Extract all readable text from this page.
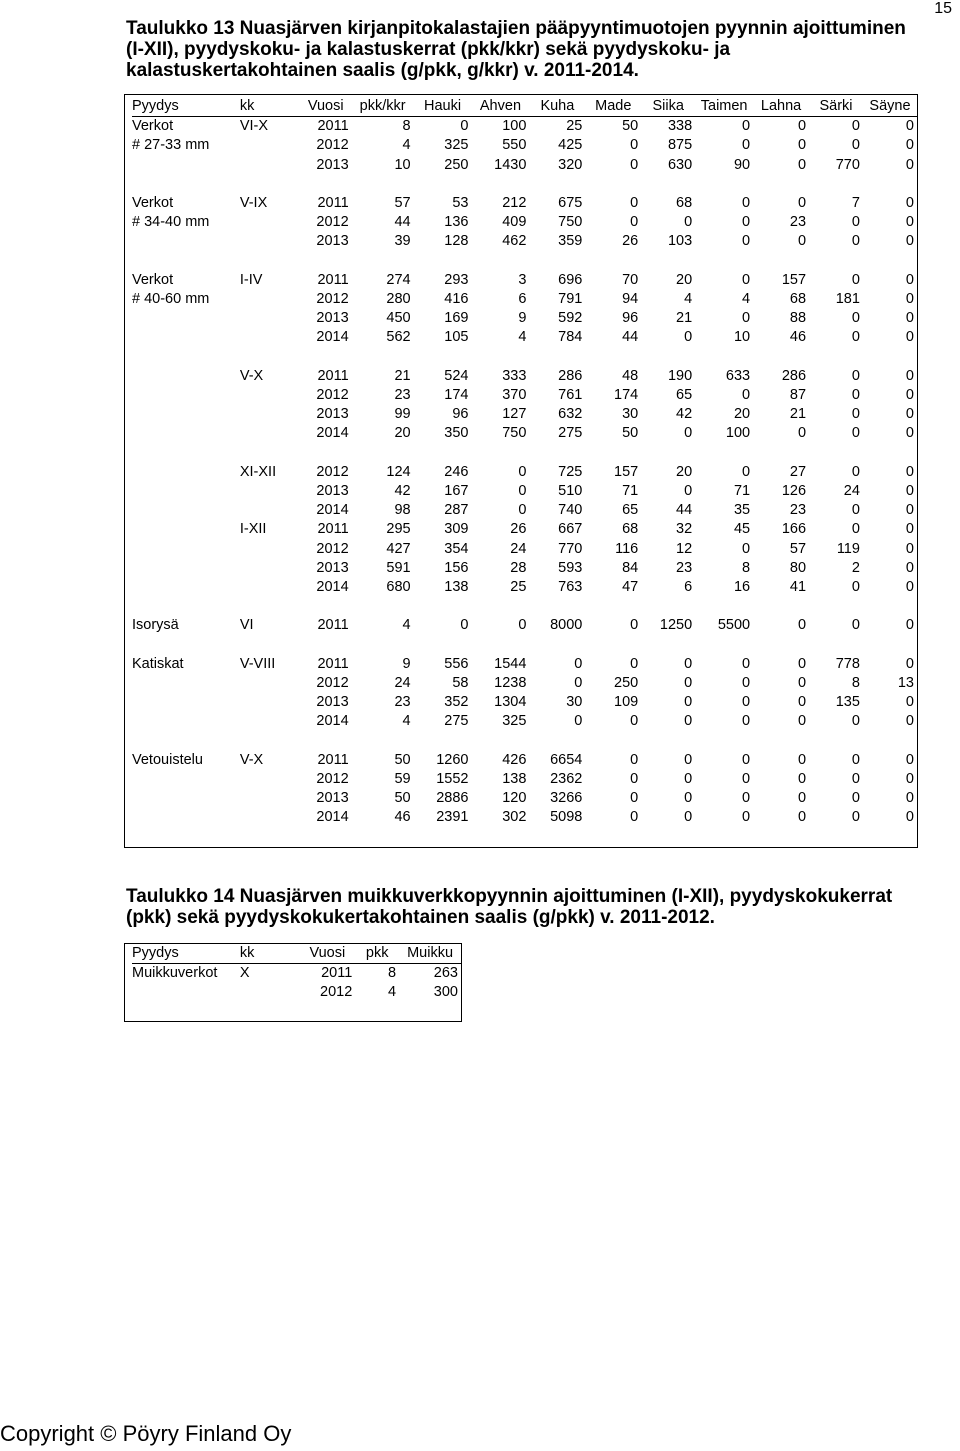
15
Taulukko 13 Nuasjärven kirjanpitokalastajien pääpyyntimuotojen pyynnin ajoittuminen
(I-XII), pyydyskoku- ja kalastuskerrat (pkk/kkr) sekä pyydyskoku- ja
kalastuskertakohtainen saalis (g/pkk, g/kkr) v. 2011-2014.
Pyydys	kk	Vuosi	pkk/kkr	Hauki	Ahven	Kuha	Made	Siika	Taimen	Lahna	Särki	Säyne
Verkot	VI-X	2011	8	0	100	25	50	338	0	0	0	0
# 27-33 mm		2012	4	325	550	425	0	875	0	0	0	0
		2013	10	250	1430	320	0	630	90	0	770	0

Verkot	V-IX	2011	57	53	212	675	0	68	0	0	7	0
# 34-40 mm		2012	44	136	409	750	0	0	0	23	0	0
		2013	39	128	462	359	26	103	0	0	0	0

Verkot	I-IV	2011	274	293	3	696	70	20	0	157	0	0
# 40-60 mm		2012	280	416	6	791	94	4	4	68	181	0
		2013	450	169	9	592	96	21	0	88	0	0
		2014	562	105	4	784	44	0	10	46	0	0

	V-X	2011	21	524	333	286	48	190	633	286	0	0
		2012	23	174	370	761	174	65	0	87	0	0
		2013	99	96	127	632	30	42	20	21	0	0
		2014	20	350	750	275	50	0	100	0	0	0

	XI-XII	2012	124	246	0	725	157	20	0	27	0	0
		2013	42	167	0	510	71	0	71	126	24	0
		2014	98	287	0	740	65	44	35	23	0	0
	I-XII	2011	295	309	26	667	68	32	45	166	0	0
		2012	427	354	24	770	116	12	0	57	119	0
		2013	591	156	28	593	84	23	8	80	2	0
		2014	680	138	25	763	47	6	16	41	0	0

Isorysä	VI	2011	4	0	0	8000	0	1250	5500	0	0	0

Katiskat	V-VIII	2011	9	556	1544	0	0	0	0	0	778	0
		2012	24	58	1238	0	250	0	0	0	8	13
		2013	23	352	1304	30	109	0	0	0	135	0
		2014	4	275	325	0	0	0	0	0	0	0

Vetouistelu	V-X	2011	50	1260	426	6654	0	0	0	0	0	0
		2012	59	1552	138	2362	0	0	0	0	0	0
		2013	50	2886	120	3266	0	0	0	0	0	0
		2014	46	2391	302	5098	0	0	0	0	0	0
Taulukko 14 Nuasjärven muikkuverkkopyynnin ajoittuminen (I-XII), pyydyskokukerrat
(pkk) sekä pyydyskokukertakohtainen saalis (g/pkk) v. 2011-2012.
Pyydys	kk	Vuosi	pkk	Muikku
Muikkuverkot	X	2011	8	263
		2012	4	300
Copyright © Pöyry Finland Oy
